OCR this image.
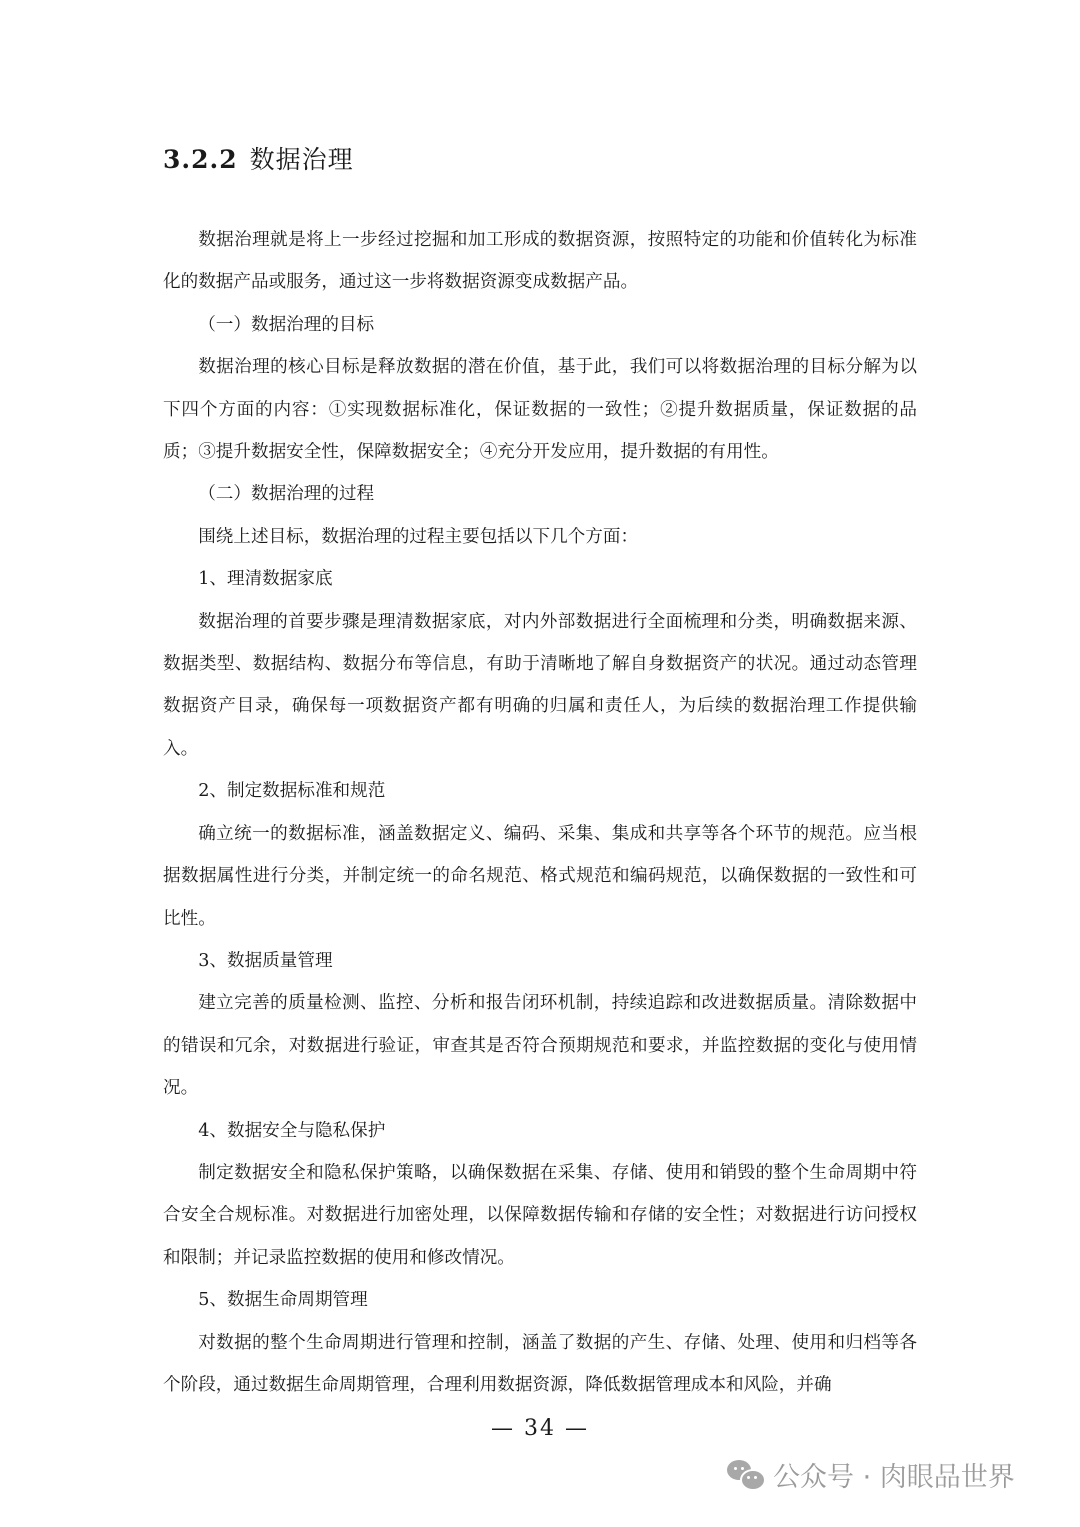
3.2.2 数据治理

数据治理就是将上一步经过挖掘和加工形成的数据资源，按照特定的功能和价值转化为标准化的数据产品或服务，通过这一步将数据资源变成数据产品。

（一）数据治理的目标

数据治理的核心目标是释放数据的潜在价值，基于此，我们可以将数据治理的目标分解为以下四个方面的内容：①实现数据标准化，保证数据的一致性；②提升数据质量，保证数据的品质；③提升数据安全性，保障数据安全；④充分开发应用，提升数据的有用性。

（二）数据治理的过程

围绕上述目标，数据治理的过程主要包括以下几个方面：

1、理清数据家底

数据治理的首要步骤是理清数据家底，对内外部数据进行全面梳理和分类，明确数据来源、数据类型、数据结构、数据分布等信息，有助于清晰地了解自身数据资产的状况。通过动态管理数据资产目录，确保每一项数据资产都有明确的归属和责任人，为后续的数据治理工作提供输入。

2、制定数据标准和规范

确立统一的数据标准，涵盖数据定义、编码、采集、集成和共享等各个环节的规范。应当根据数据属性进行分类，并制定统一的命名规范、格式规范和编码规范，以确保数据的一致性和可比性。

3、数据质量管理

建立完善的质量检测、监控、分析和报告闭环机制，持续追踪和改进数据质量。清除数据中的错误和冗余，对数据进行验证，审查其是否符合预期规范和要求，并监控数据的变化与使用情况。

4、数据安全与隐私保护

制定数据安全和隐私保护策略，以确保数据在采集、存储、使用和销毁的整个生命周期中符合安全合规标准。对数据进行加密处理，以保障数据传输和存储的安全性；对数据进行访问授权和限制；并记录监控数据的使用和修改情况。

5、数据生命周期管理

对数据的整个生命周期进行管理和控制，涵盖了数据的产生、存储、处理、使用和归档等各个阶段，通过数据生命周期管理，合理利用数据资源，降低数据管理成本和风险，并确

— 34 —
公众号 · 肉眼品世界
